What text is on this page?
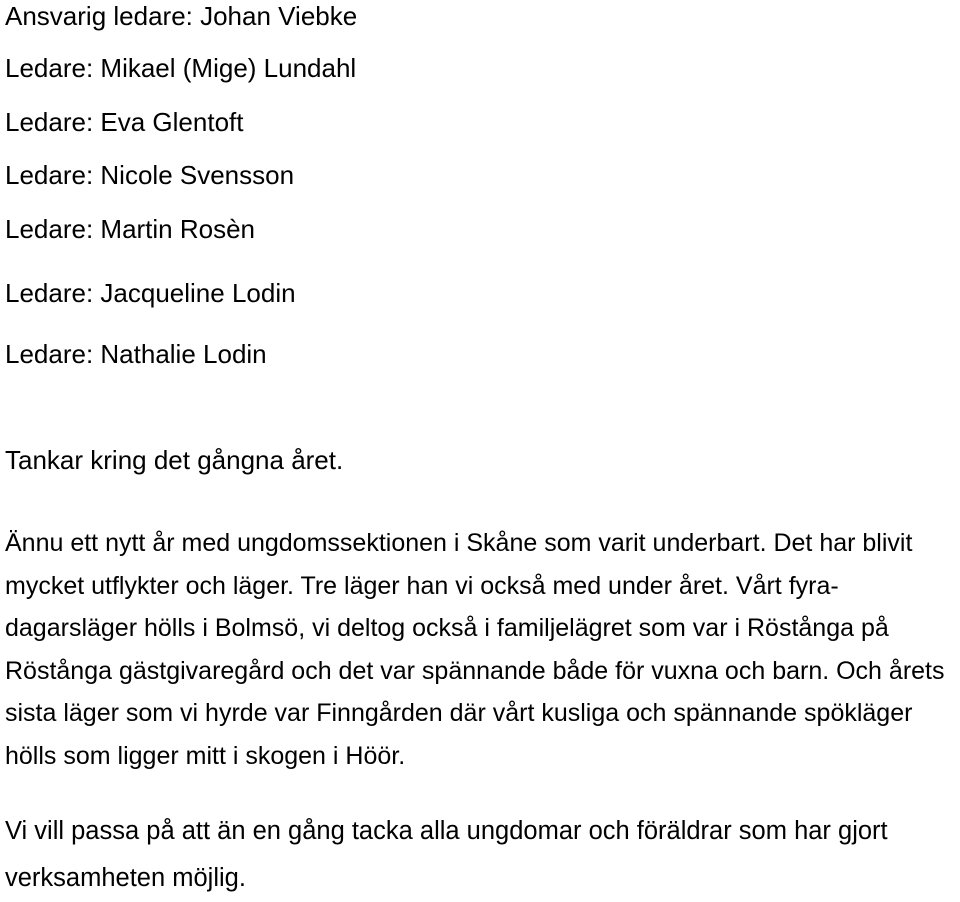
Ansvarig ledare: Johan Viebke
Ledare: Mikael (Mige) Lundahl
Ledare: Eva Glentoft
Ledare: Nicole Svensson
Ledare: Martin Rosèn
Ledare: Jacqueline Lodin
Ledare: Nathalie Lodin
Tankar kring det gångna året.

Ännu ett nytt år med ungdomssektionen i Skåne som varit underbart. Det har blivit mycket utflykter och läger. Tre läger han vi också med under året. Vårt fyra-dagarsläger hölls i Bolmsö, vi deltog också i familjelägret som var i Röstånga på Röstånga gästgivaregård och det var spännande både för vuxna och barn. Och årets sista läger som vi hyrde var Finngården där vårt kusliga och spännande spökläger hölls som ligger mitt i skogen i Höör.

Vi vill passa på att än en gång tacka alla ungdomar och föräldrar som har gjort verksamheten möjlig.
